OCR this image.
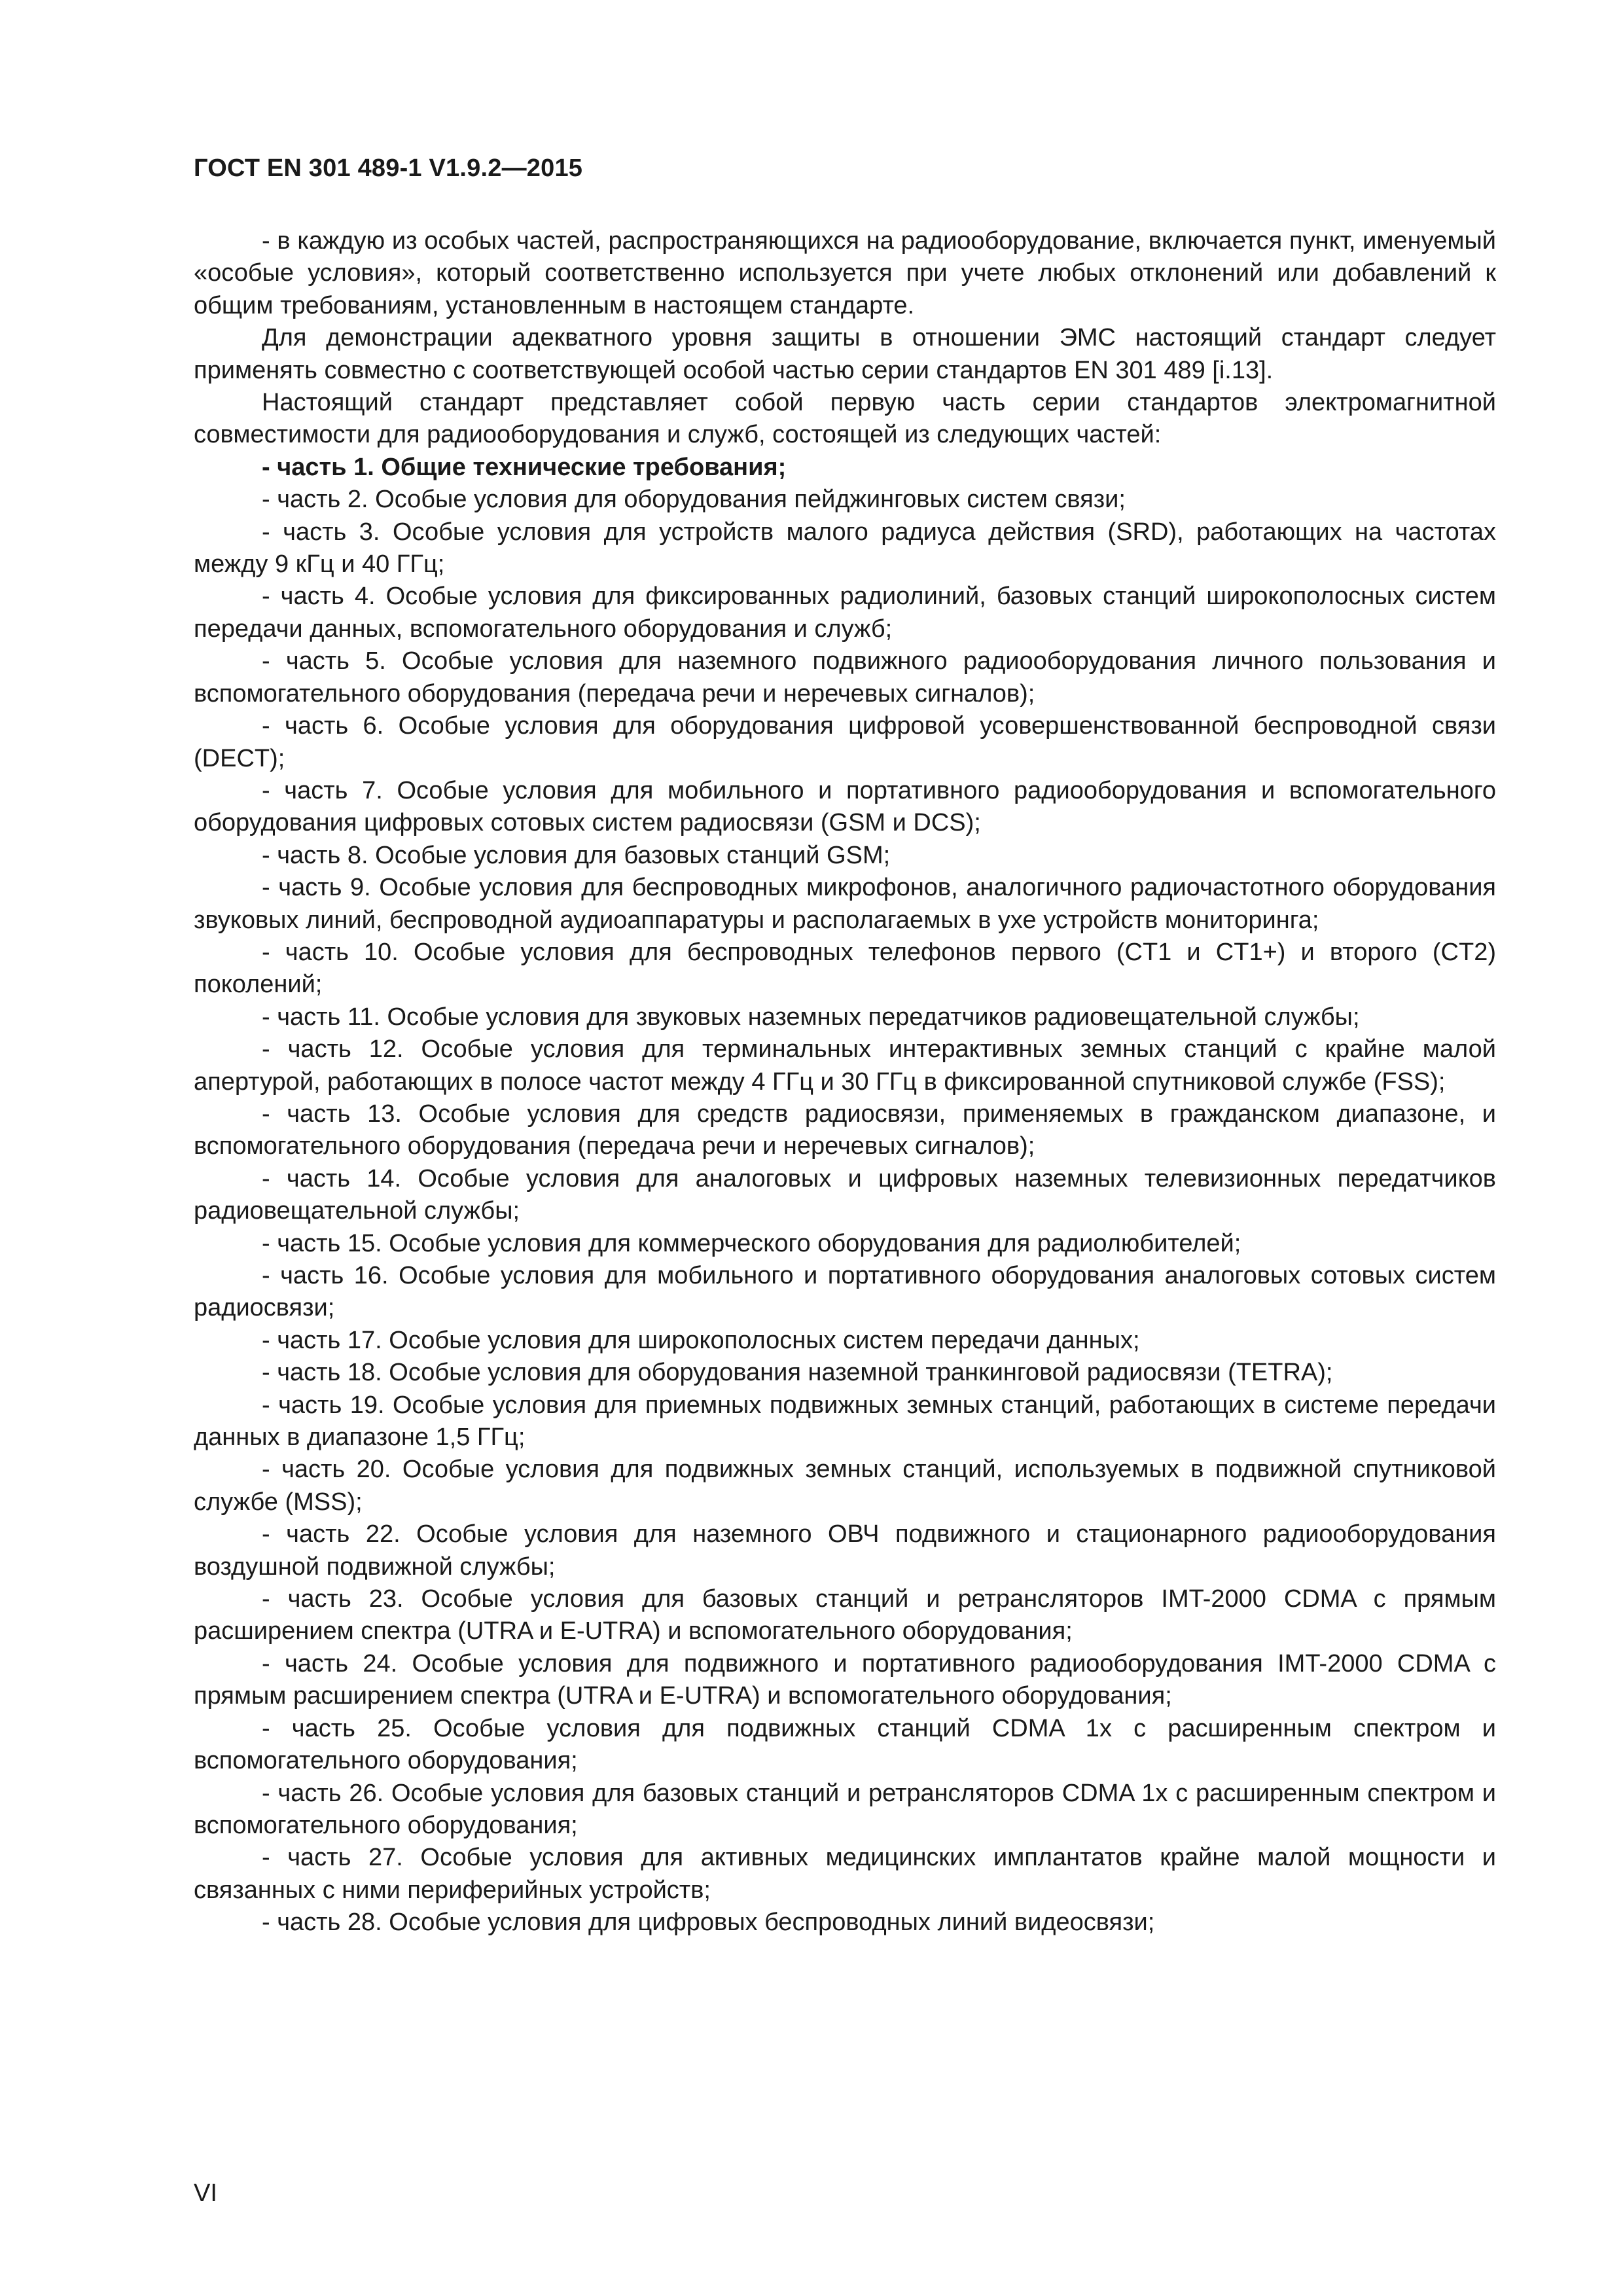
ГОСТ EN 301 489-1 V1.9.2—2015

- в каждую из особых частей, распространяющихся на радиооборудование, включается пункт, именуемый «особые условия», который соответственно используется при учете любых отклонений или добавлений к общим требованиям, установленным в настоящем стандарте.

Для демонстрации адекватного уровня защиты в отношении ЭМС настоящий стандарт следует применять совместно с соответствующей особой частью серии стандартов EN 301 489 [i.13].

Настоящий стандарт представляет собой первую часть серии стандартов электромагнитной совместимости для радиооборудования и служб, состоящей из следующих частей:

- часть 1. Общие технические требования;

- часть 2. Особые условия для оборудования пейджинговых систем связи;

- часть 3. Особые условия для устройств малого радиуса действия (SRD), работающих на частотах между 9 кГц и 40 ГГц;

- часть 4. Особые условия для фиксированных радиолиний, базовых станций широкополосных систем передачи данных, вспомогательного оборудования и служб;

- часть 5. Особые условия для наземного подвижного радиооборудования личного пользования и вспомогательного оборудования (передача речи и неречевых сигналов);

- часть 6. Особые условия для оборудования цифровой усовершенствованной беспроводной связи (DECT);

- часть 7. Особые условия для мобильного и портативного радиооборудования и вспомогательного оборудования цифровых сотовых систем радиосвязи (GSM и DCS);

- часть 8. Особые условия для базовых станций GSM;

- часть 9. Особые условия для беспроводных микрофонов, аналогичного радиочастотного оборудования звуковых линий, беспроводной аудиоаппаратуры и располагаемых в ухе устройств мониторинга;

- часть 10. Особые условия для беспроводных телефонов первого (CT1 и CT1+) и второго (CT2) поколений;

- часть 11. Особые условия для звуковых наземных передатчиков радиовещательной службы;

- часть 12. Особые условия для терминальных интерактивных земных станций с крайне малой апертурой, работающих в полосе частот между 4 ГГц и 30 ГГц в фиксированной спутниковой службе (FSS);

- часть 13. Особые условия для средств радиосвязи, применяемых в гражданском диапазоне, и вспомогательного оборудования (передача речи и неречевых сигналов);

- часть 14. Особые условия для аналоговых и цифровых наземных телевизионных передатчиков радиовещательной службы;

- часть 15. Особые условия для коммерческого оборудования для радиолюбителей;

- часть 16. Особые условия для мобильного и портативного оборудования аналоговых сотовых систем радиосвязи;

- часть 17. Особые условия для широкополосных систем передачи данных;

- часть 18. Особые условия для оборудования наземной транкинговой радиосвязи (TETRA);

- часть 19. Особые условия для приемных подвижных земных станций, работающих в системе передачи данных в диапазоне 1,5 ГГц;

- часть 20. Особые условия для подвижных земных станций, используемых в подвижной спутниковой службе (MSS);

- часть 22. Особые условия для наземного ОВЧ подвижного и стационарного радиооборудования воздушной подвижной службы;

- часть 23. Особые условия для базовых станций и ретрансляторов IMT-2000 CDMA с прямым расширением спектра (UTRA и E-UTRA) и вспомогательного оборудования;

- часть 24. Особые условия для подвижного и портативного радиооборудования IMT-2000 CDMA с прямым расширением спектра (UTRA и E-UTRA) и вспомогательного оборудования;

- часть 25. Особые условия для подвижных станций CDMA 1x с расширенным спектром и вспомогательного оборудования;

- часть 26. Особые условия для базовых станций и ретрансляторов CDMA 1x с расширенным спектром и вспомогательного оборудования;

- часть 27. Особые условия для активных медицинских имплантатов крайне малой мощности и связанных с ними периферийных устройств;

- часть 28. Особые условия для цифровых беспроводных линий видеосвязи;

VI
